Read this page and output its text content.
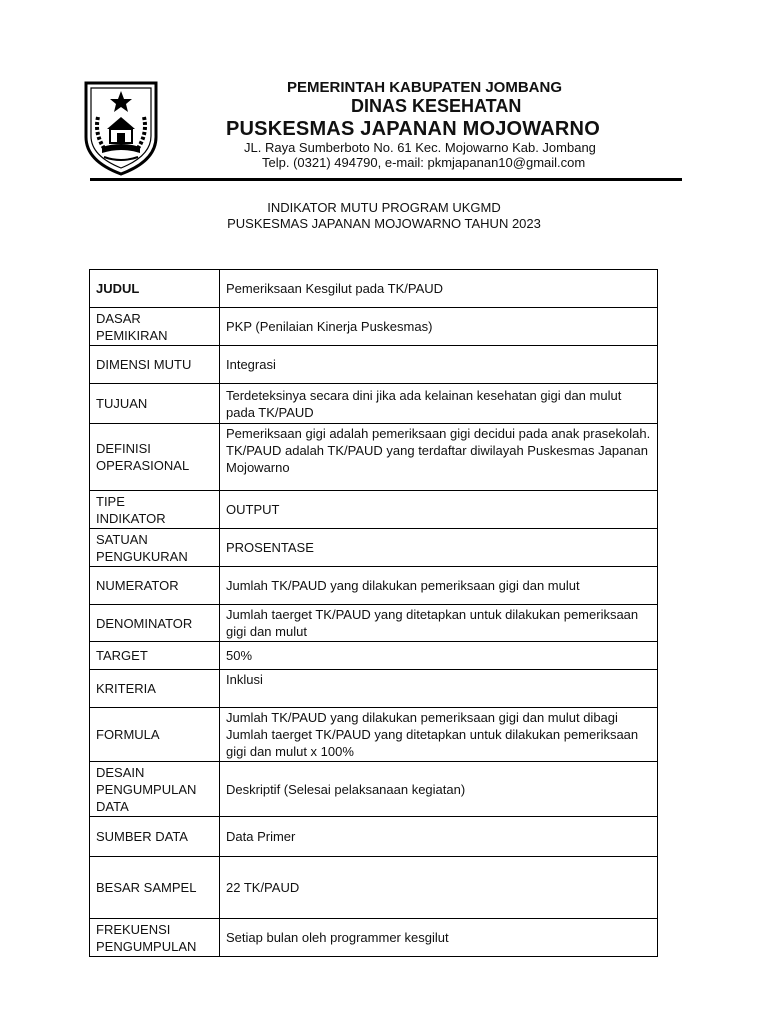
PEMERINTAH KABUPATEN JOMBANG
DINAS KESEHATAN
PUSKESMAS JAPANAN MOJOWARNO
JL. Raya Sumberboto No. 61 Kec. Mojowarno Kab. Jombang
Telp. (0321) 494790, e-mail: pkmjapanan10@gmail.com
INDIKATOR MUTU PROGRAM UKGMD
PUSKESMAS JAPANAN MOJOWARNO TAHUN 2023
JUDUL	Pemeriksaan Kesgilut pada TK/PAUD
DASAR
PEMIKIRAN	PKP (Penilaian Kinerja Puskesmas)
DIMENSI MUTU	Integrasi
TUJUAN	Terdeteksinya secara dini jika ada kelainan kesehatan gigi dan mulut pada TK/PAUD
DEFINISI
OPERASIONAL	Pemeriksaan gigi adalah pemeriksaan gigi decidui pada anak prasekolah.
TK/PAUD adalah TK/PAUD yang terdaftar diwilayah Puskesmas Japanan Mojowarno
TIPE
INDIKATOR	OUTPUT
SATUAN
PENGUKURAN	PROSENTASE
NUMERATOR	Jumlah TK/PAUD yang dilakukan pemeriksaan gigi dan mulut
DENOMINATOR	Jumlah taerget TK/PAUD yang ditetapkan untuk dilakukan pemeriksaan gigi dan mulut
TARGET	50%
KRITERIA	Inklusi
FORMULA	Jumlah TK/PAUD yang dilakukan pemeriksaan gigi dan mulut dibagi Jumlah taerget TK/PAUD yang ditetapkan untuk dilakukan pemeriksaan gigi dan mulut x 100%
DESAIN
PENGUMPULAN
DATA	Deskriptif (Selesai pelaksanaan kegiatan)
SUMBER DATA	Data Primer
BESAR SAMPEL	22 TK/PAUD
FREKUENSI
PENGUMPULAN	Setiap bulan oleh programmer kesgilut
